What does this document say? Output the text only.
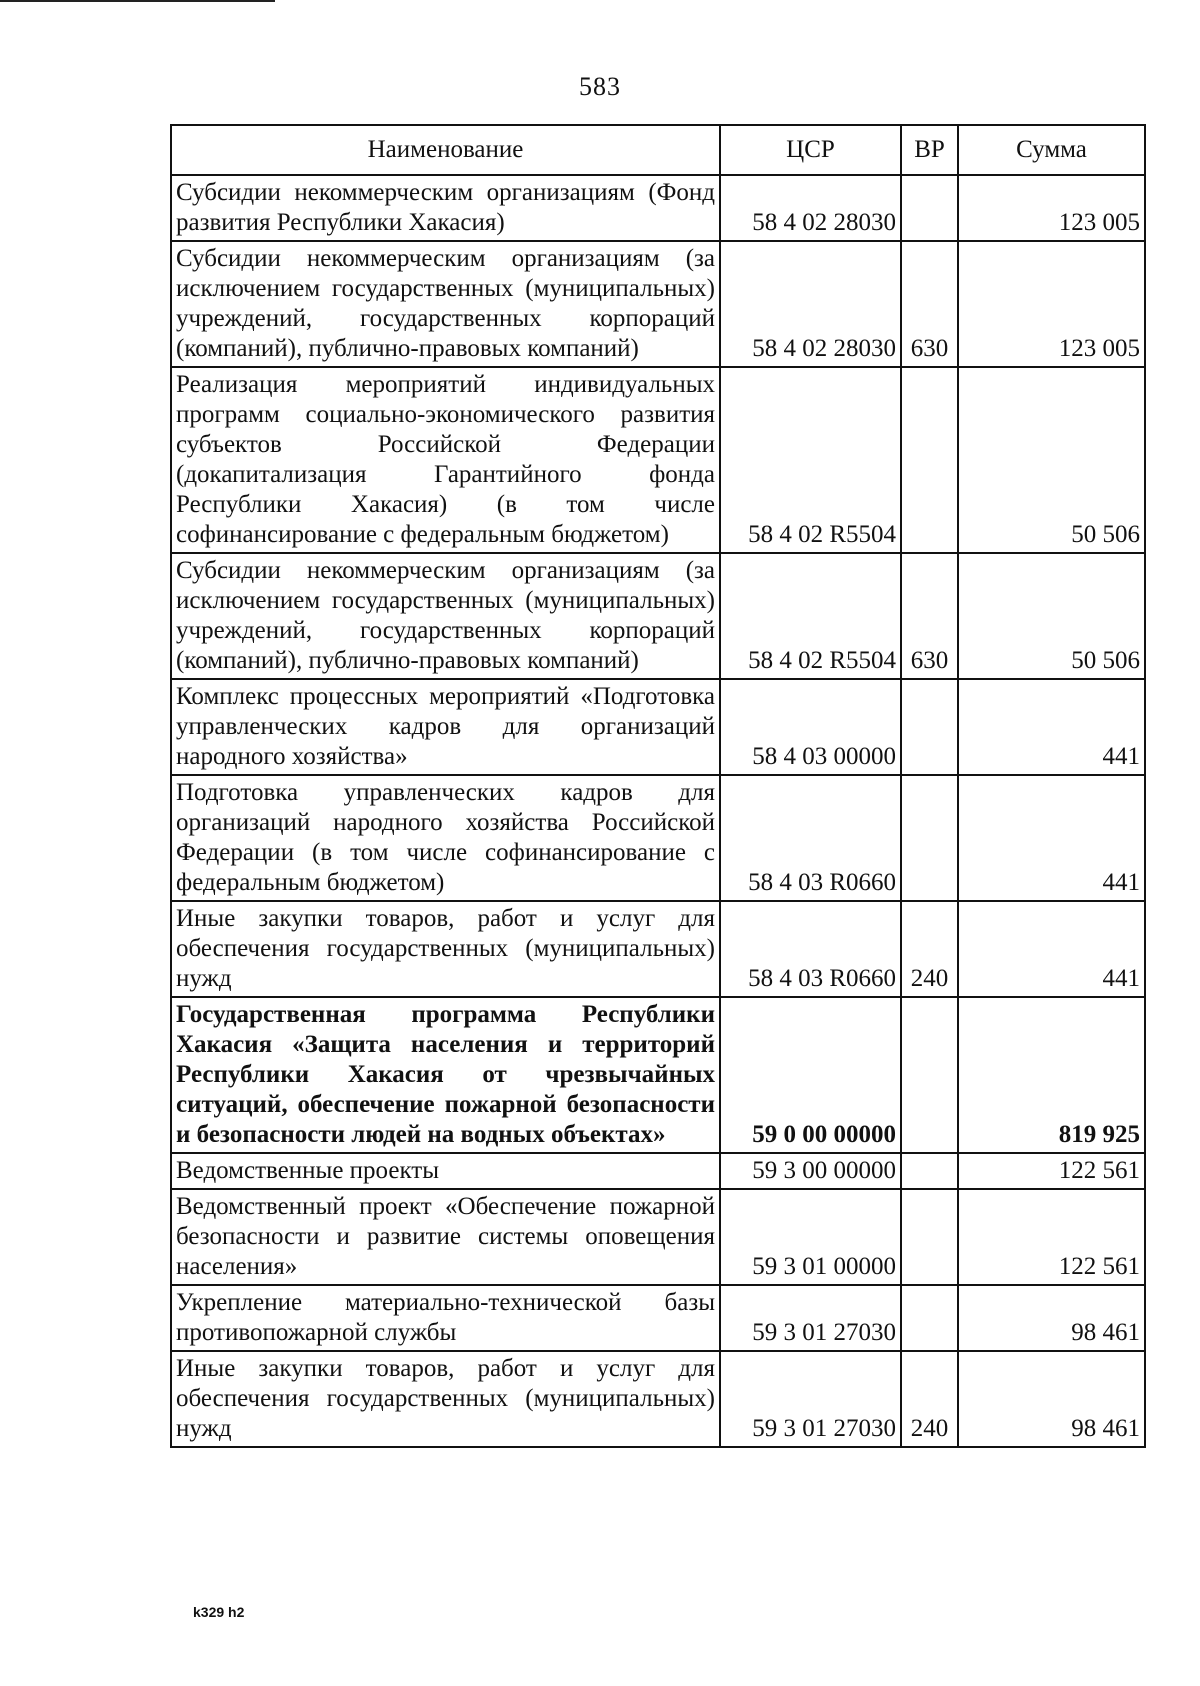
583
Наименование	ЦСР	ВР	Сумма
Субсидии некоммерческим организациям (Фонд развития Республики Хакасия)	58 4 02 28030		123 005
Субсидии некоммерческим организациям (за исключением государственных (муниципальных) учреждений, государственных корпораций (компаний), публично-правовых компаний)	58 4 02 28030	630	123 005
Реализация мероприятий индивидуальных программ социально-экономического развития субъектов Российской Федерации (докапитализация Гарантийного фонда Республики Хакасия) (в том числе софинансирование с федеральным бюджетом)	58 4 02 R5504		50 506
Субсидии некоммерческим организациям (за исключением государственных (муниципальных) учреждений, государственных корпораций (компаний), публично-правовых компаний)	58 4 02 R5504	630	50 506
Комплекс процессных мероприятий «Подготовка управленческих кадров для организаций народного хозяйства»	58 4 03 00000		441
Подготовка управленческих кадров для организаций народного хозяйства Российской Федерации (в том числе софинансирование с федеральным бюджетом)	58 4 03 R0660		441
Иные закупки товаров, работ и услуг для обеспечения государственных (муниципальных) нужд	58 4 03 R0660	240	441
Государственная программа Республики Хакасия «Защита населения и территорий Республики Хакасия от чрезвычайных ситуаций, обеспечение пожарной безопасности и безопасности людей на водных объектах»	59 0 00 00000		819 925
Ведомственные проекты	59 3 00 00000		122 561
Ведомственный проект «Обеспечение пожарной безопасности и развитие системы оповещения населения»	59 3 01 00000		122 561
Укрепление материально-технической базы противопожарной службы	59 3 01 27030		98 461
Иные закупки товаров, работ и услуг для обеспечения государственных (муниципальных) нужд	59 3 01 27030	240	98 461
k329 h2
